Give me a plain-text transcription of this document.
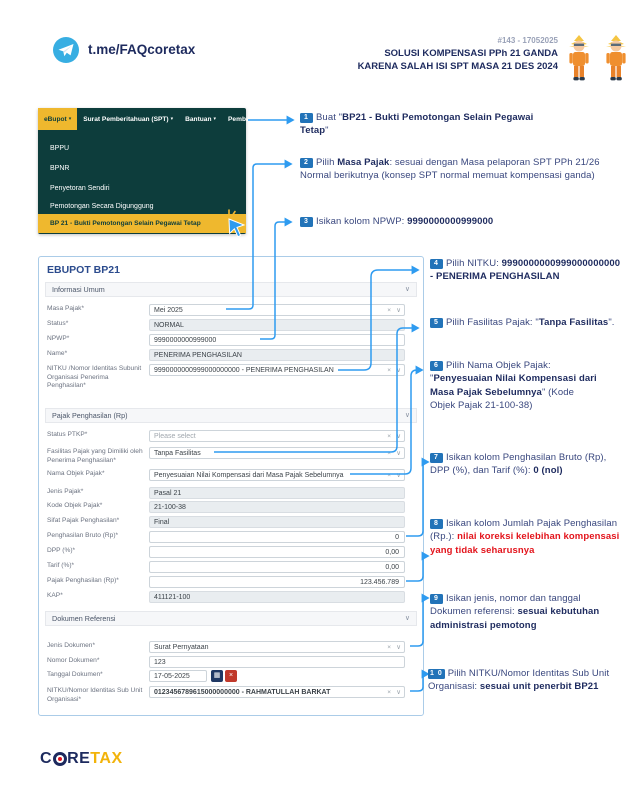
t.me/FAQcoretax
#143 - 17052025
SOLUSI KOMPENSASI PPh 21 GANDA
KARENA SALAH ISI SPT MASA 21 DES 2024
eBupot ▾ Surat Pemberitahuan (SPT) ▾ Bantuan ▾ Pembay
BPPU
BPNR
Penyetoran Sendiri
Pemotongan Secara Digunggung
BP 21 - Bukti Pemotongan Selain Pegawai Tetap
1 Buat "BP21 - Bukti Pemotongan Selain Pegawai Tetap"
2 Pilih Masa Pajak: sesuai dengan Masa pelaporan SPT PPh 21/26 Normal berikutnya (konsep SPT normal memuat kompensasi ganda)
3 Isikan kolom NPWP: 9990000000999000
4 Pilih NITKU: 9990000000999000000000 - PENERIMA PENGHASILAN
5 Pilih Fasilitas Pajak: "Tanpa Fasilitas".
6 Pilih Nama Objek Pajak: "Penyesuaian Nilai Kompensasi dari Masa Pajak Sebelumnya" (Kode Objek Pajak 21-100-38)
7 Isikan kolom Penghasilan Bruto (Rp), DPP (%), dan Tarif (%): 0 (nol)
8 Isikan kolom Jumlah Pajak Penghasilan (Rp.): nilai koreksi kelebihan kompensasi yang tidak seharusnya
9 Isikan jenis, nomor dan tanggal Dokumen referensi: sesuai kebutuhan administrasi pemotong
1 0 Pilih NITKU/Nomor Identitas Sub Unit Organisasi: sesuai unit penerbit BP21
EBUPOT BP21
Informasi Umum	∨
Masa Pajak*	Mei 2025	× ∨
Status*	NORMAL
NPWP*	9990000000999000
Name*	PENERIMA PENGHASILAN
NITKU /Nomor Identitas Subunit Organisasi Penerima Penghasilan*
9990000000999000000000 - PENERIMA PENGHASILAN	× ∨
Pajak Penghasilan (Rp)	∨
Status PTKP*	Please select	× ∨
Fasilitas Pajak yang Dimiliki oleh Penerima Penghasilan*
Tanpa Fasilitas	× ∨
Nama Objek Pajak*	Penyesuaian Nilai Kompensasi dari Masa Pajak Sebelumnya	× ∨
Jenis Pajak*	Pasal 21
Kode Objek Pajak*	21-100-38
Sifat Pajak Penghasilan*	Final
Penghasilan Bruto (Rp)*	0
DPP (%)*	0,00
Tarif (%)*	0,00
Pajak Penghasilan (Rp)*	123.456.789
KAP*	411121-100
Dokumen Referensi	∨
Jenis Dokumen*	Surat Pernyataan	× ∨
Nomor Dokumen*	123
Tanggal Dokumen*	17-05-2025	▦	×
NITKU/Nomor Identitas Sub Unit Organisasi*
0123456789615000000000 - RAHMATULLAH BARKAT	× ∨
C RE TAX
